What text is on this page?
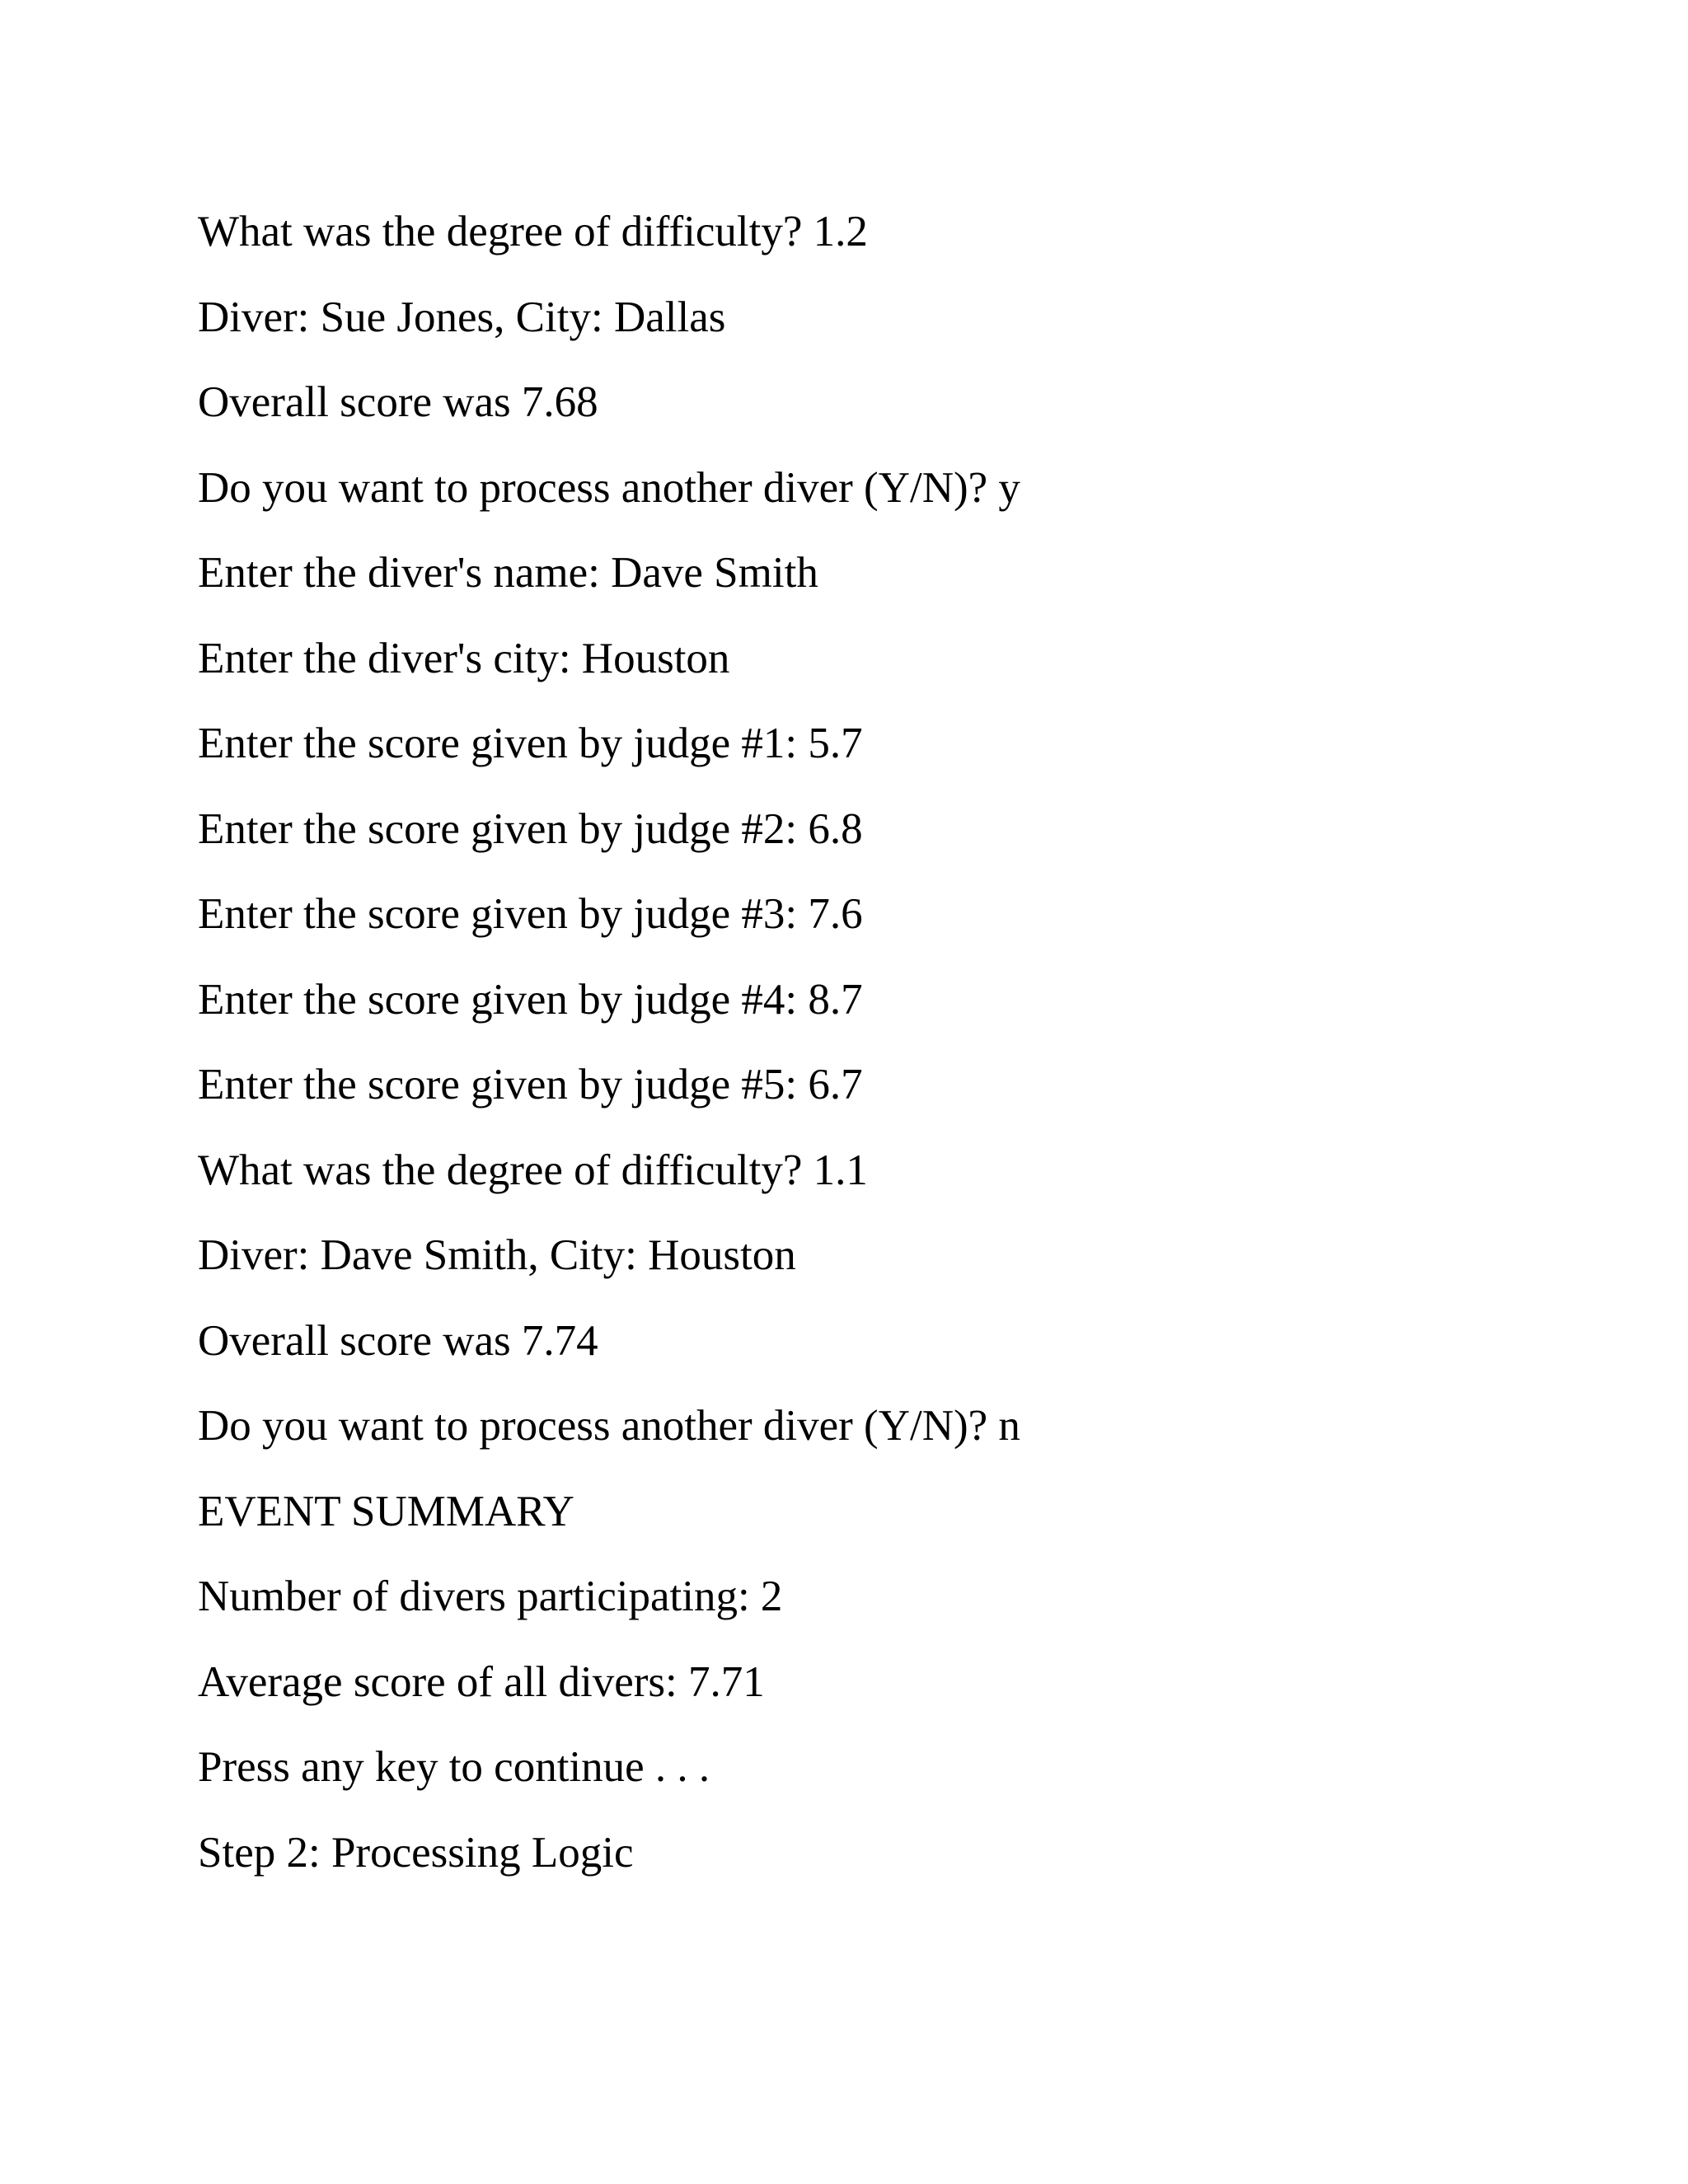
What was the degree of difficulty? 1.2
Diver: Sue Jones, City: Dallas
Overall score was 7.68
Do you want to process another diver (Y/N)? y
Enter the diver's name: Dave Smith
Enter the diver's city: Houston
Enter the score given by judge #1: 5.7
Enter the score given by judge #2: 6.8
Enter the score given by judge #3: 7.6
Enter the score given by judge #4: 8.7
Enter the score given by judge #5: 6.7
What was the degree of difficulty? 1.1
Diver: Dave Smith, City: Houston
Overall score was 7.74
Do you want to process another diver (Y/N)? n
EVENT SUMMARY
Number of divers participating: 2
Average score of all divers: 7.71
Press any key to continue . . .
Step 2: Processing Logic
